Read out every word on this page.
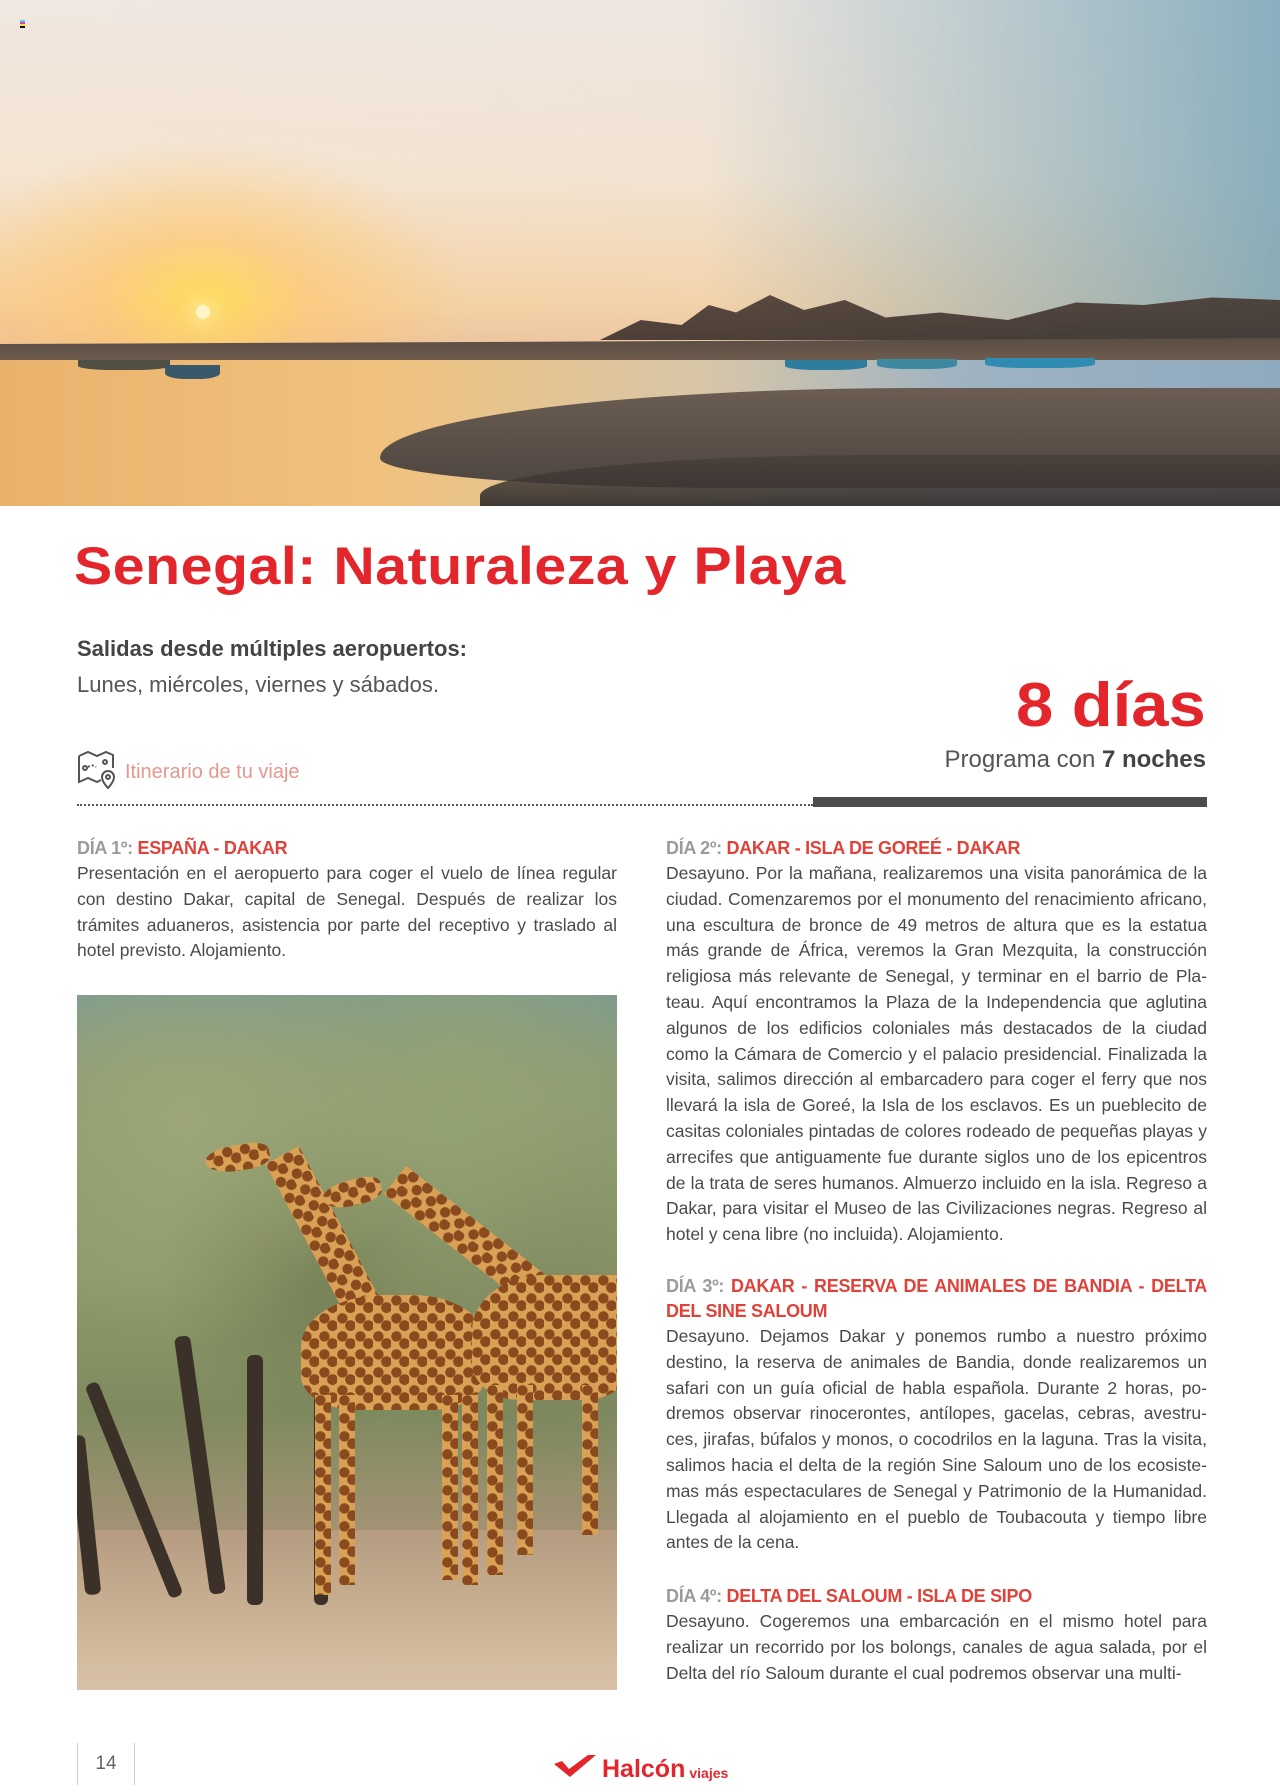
Senegal: Naturaleza y Playa
Salidas desde múltiples aeropuertos:
Lunes, miércoles, viernes y sábados.	8 días
Programa con 7 noches
Itinerario de tu viaje
DÍA 1º: ESPAÑA - DAKAR

Presentación en el aeropuerto para coger el vuelo de línea regular con destino Dakar, capital de Senegal. Después de realizar los trámites aduaneros, asistencia por parte del receptivo y traslado al hotel previsto. Alojamiento.

DÍA 2º: DAKAR - ISLA DE GOREÉ - DAKAR

Desayuno. Por la mañana, realizaremos una visita panorámica de la ciudad. Comenzaremos por el monumento del renacimiento africano, una escultura de bronce de 49 metros de altura que es la estatua más grande de África, veremos la Gran Mezquita, la construcción religiosa más relevante de Senegal, y terminar en el barrio de Plateau. Aquí encontramos la Plaza de la Independencia que aglutina algunos de los edificios coloniales más destacados de la ciudad como la Cámara de Comercio y el palacio presidencial. Finalizada la visita, salimos dirección al embarcadero para coger el ferry que nos llevará la isla de Goreé, la Isla de los esclavos. Es un pueblecito de casitas coloniales pintadas de colores rodeado de pequeñas playas y arrecifes que antiguamente fue durante siglos uno de los epicentros de la trata de seres humanos. Almuerzo incluido en la isla. Regreso a Dakar, para visitar el Museo de las Civilizaciones negras. Regreso al hotel y cena libre (no incluida). Alojamiento.

DÍA 3º: DAKAR - RESERVA DE ANIMALES DE BANDIA - DELTA DEL SINE SALOUM

Desayuno. Dejamos Dakar y ponemos rumbo a nuestro próximo destino, la reserva de animales de Bandia, donde realizaremos un safari con un guía oficial de habla española. Durante 2 horas, podremos observar rinocerontes, antílopes, gacelas, cebras, avestruces, jirafas, búfalos y monos, o cocodrilos en la laguna. Tras la visita, salimos hacia el delta de la región Sine Saloum uno de los ecosistemas más espectaculares de Senegal y Patrimonio de la Humanidad. Llegada al alojamiento en el pueblo de Toubacouta y tiempo libre antes de la cena.

DÍA 4º: DELTA DEL SALOUM - ISLA DE SIPO

Desayuno. Cogeremos una embarcación en el mismo hotel para realizar un recorrido por los bolongs, canales de agua salada, por el Delta del río Saloum durante el cual podremos observar una multi-

14	Halcón viajes
